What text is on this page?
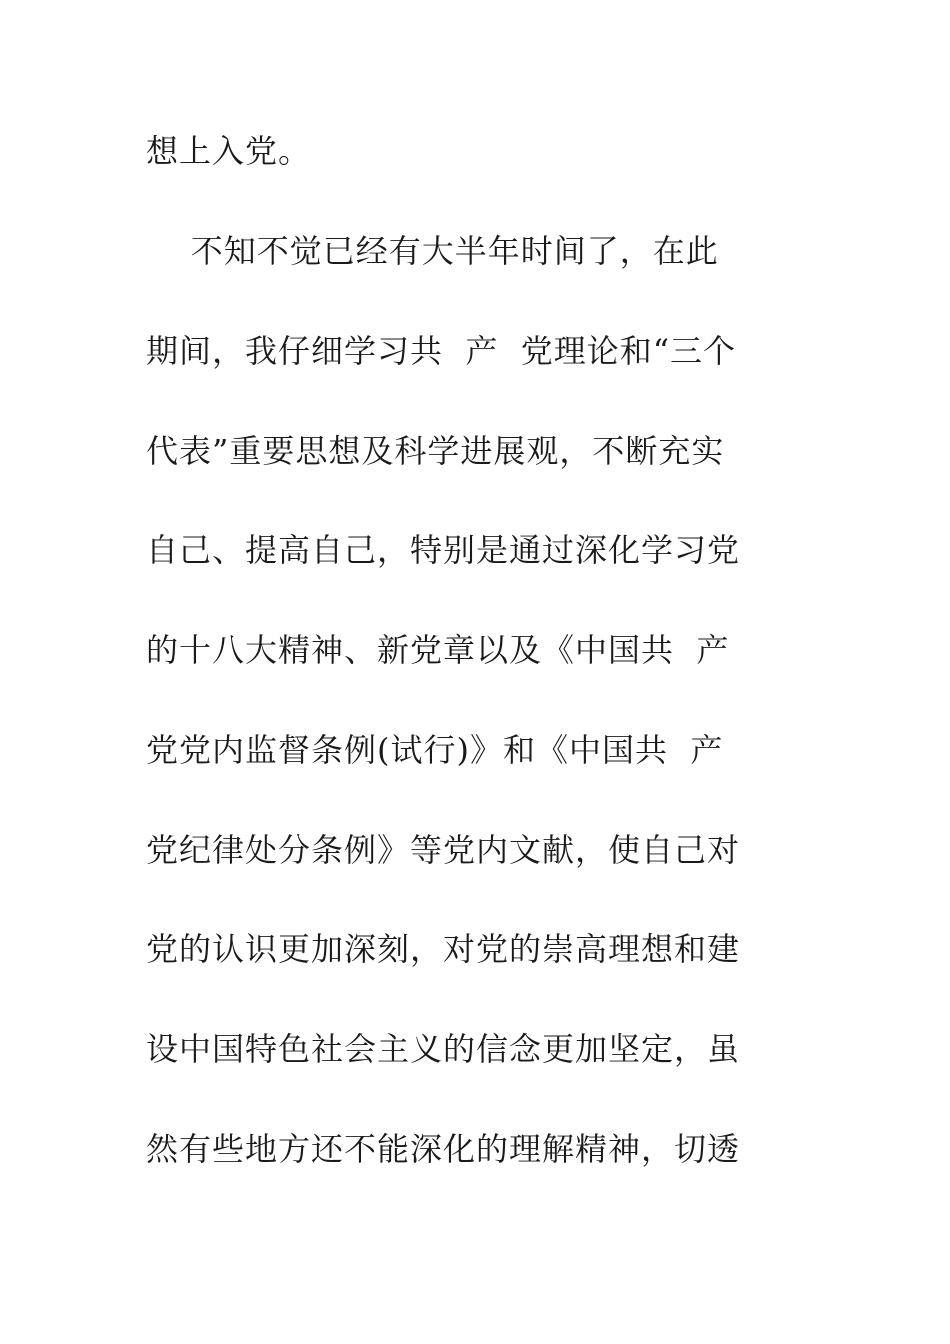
想上入党。
不知不觉已经有大半年时间了，在此
期间，我仔细学习共  产  党理论和“三个
代表”重要思想及科学进展观，不断充实
自己、提高自己，特别是通过深化学习党
的十八大精神、新党章以及《中国共  产
党党内监督条例(试行)》和《中国共  产
党纪律处分条例》等党内文献，使自己对
党的认识更加深刻，对党的崇高理想和建
设中国特色社会主义的信念更加坚定，虽
然有些地方还不能深化的理解精神，切透
